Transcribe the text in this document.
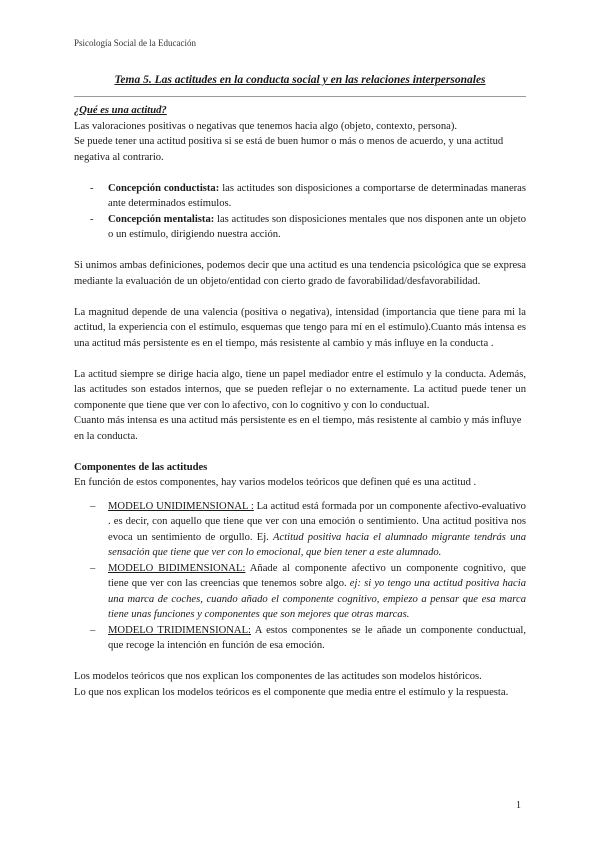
Psicología Social de la Educación
Tema 5. Las actitudes en la conducta social y en las relaciones interpersonales

¿Qué es una actitud?

Las valoraciones positivas o negativas que tenemos hacia algo (objeto, contexto, persona).

Se puede tener una actitud positiva si se está de buen humor o más o menos de acuerdo, y una actitud negativa al contrario.

- Concepción conductista: las actitudes son disposiciones a comportarse de determinadas maneras ante determinados estímulos.
- Concepción mentalista: las actitudes son disposiciones mentales que nos disponen ante un objeto o un estímulo, dirigiendo nuestra acción.

Si unimos ambas definiciones, podemos decir que una actitud es una tendencia psicológica que se expresa mediante la evaluación de un objeto/entidad con cierto grado de favorabilidad/desfavorabilidad.

La magnitud depende de una valencia (positiva o negativa), intensidad (importancia que tiene para mi la actitud, la experiencia con el estímulo, esquemas que tengo para mí en el estímulo).Cuanto más intensa es una actitud más persistente es en el tiempo, más resistente al cambio y más influye en la conducta .

La actitud siempre se dirige hacia algo, tiene un papel mediador entre el estímulo y la conducta. Además, las actitudes son estados internos, que se pueden reflejar o no externamente. La actitud puede tener un componente que tiene que ver con lo afectivo, con lo cognitivo y con lo conductual.

Cuanto más intensa es una actitud más persistente es en el tiempo, más resistente al cambio y más influye en la conducta.

Componentes de las actitudes

En función de estos componentes, hay varios modelos teóricos que definen qué es una actitud .

– MODELO UNIDIMENSIONAL : La actitud está formada por un componente afectivo-evaluativo . es decir, con aquello que tiene que ver con una emoción o sentimiento. Una actitud positiva nos evoca un sentimiento de orgullo. Ej. Actitud positiva hacia el alumnado migrante tendrás una sensación que tiene que ver con lo emocional, que bien tener a este alumnado.
– MODELO BIDIMENSIONAL: Añade al componente afectivo un componente cognitivo, que tiene que ver con las creencias que tenemos sobre algo. ej: si yo tengo una actitud positiva hacia una marca de coches, cuando añado el componente cognitivo, empiezo a pensar que esa marca tiene unas funciones y componentes que son mejores que otras marcas.
– MODELO TRIDIMENSIONAL: A estos componentes se le añade un componente conductual, que recoge la intención en función de esa emoción.

Los modelos teóricos que nos explican los componentes de las actitudes son modelos históricos.

Lo que nos explican los modelos teóricos es el componente que media entre el estímulo y la respuesta.

1
